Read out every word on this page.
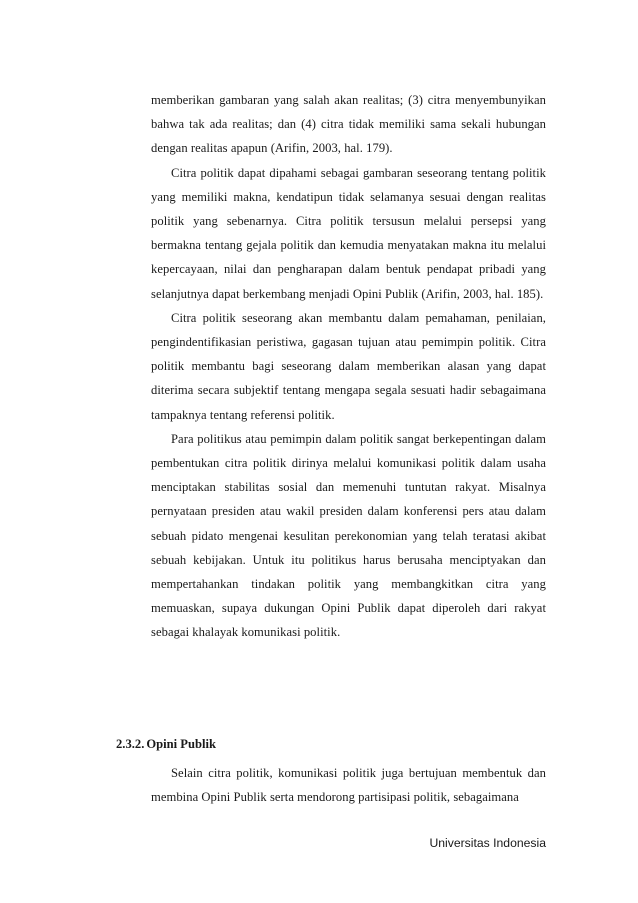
memberikan gambaran yang salah akan realitas; (3) citra menyembunyikan bahwa tak ada realitas; dan (4) citra tidak memiliki sama sekali hubungan dengan realitas apapun (Arifin, 2003, hal. 179).

Citra politik dapat dipahami sebagai gambaran seseorang tentang politik yang memiliki makna, kendatipun tidak selamanya sesuai dengan realitas politik yang sebenarnya. Citra politik tersusun melalui persepsi yang bermakna tentang gejala politik dan kemudia menyatakan makna itu melalui kepercayaan, nilai dan pengharapan dalam bentuk pendapat pribadi yang selanjutnya dapat berkembang menjadi Opini Publik (Arifin, 2003, hal. 185).

Citra politik seseorang akan membantu dalam pemahaman, penilaian, pengindentifikasian peristiwa, gagasan tujuan atau pemimpin politik. Citra politik membantu bagi seseorang dalam memberikan alasan yang dapat diterima secara subjektif tentang mengapa segala sesuati hadir sebagaimana tampaknya tentang referensi politik.

Para politikus atau pemimpin dalam politik sangat berkepentingan dalam pembentukan citra politik dirinya melalui komunikasi politik dalam usaha menciptakan stabilitas sosial dan memenuhi tuntutan rakyat. Misalnya pernyataan presiden atau wakil presiden dalam konferensi pers atau dalam sebuah pidato mengenai kesulitan perekonomian yang telah teratasi akibat sebuah kebijakan. Untuk itu politikus harus berusaha menciptyakan dan mempertahankan tindakan politik yang membangkitkan citra yang memuaskan, supaya dukungan Opini Publik dapat diperoleh dari rakyat sebagai khalayak komunikasi politik.

2.3.2. Opini Publik

Selain citra politik, komunikasi politik juga bertujuan membentuk dan membina Opini Publik serta mendorong partisipasi politik, sebagaimana

Universitas Indonesia
